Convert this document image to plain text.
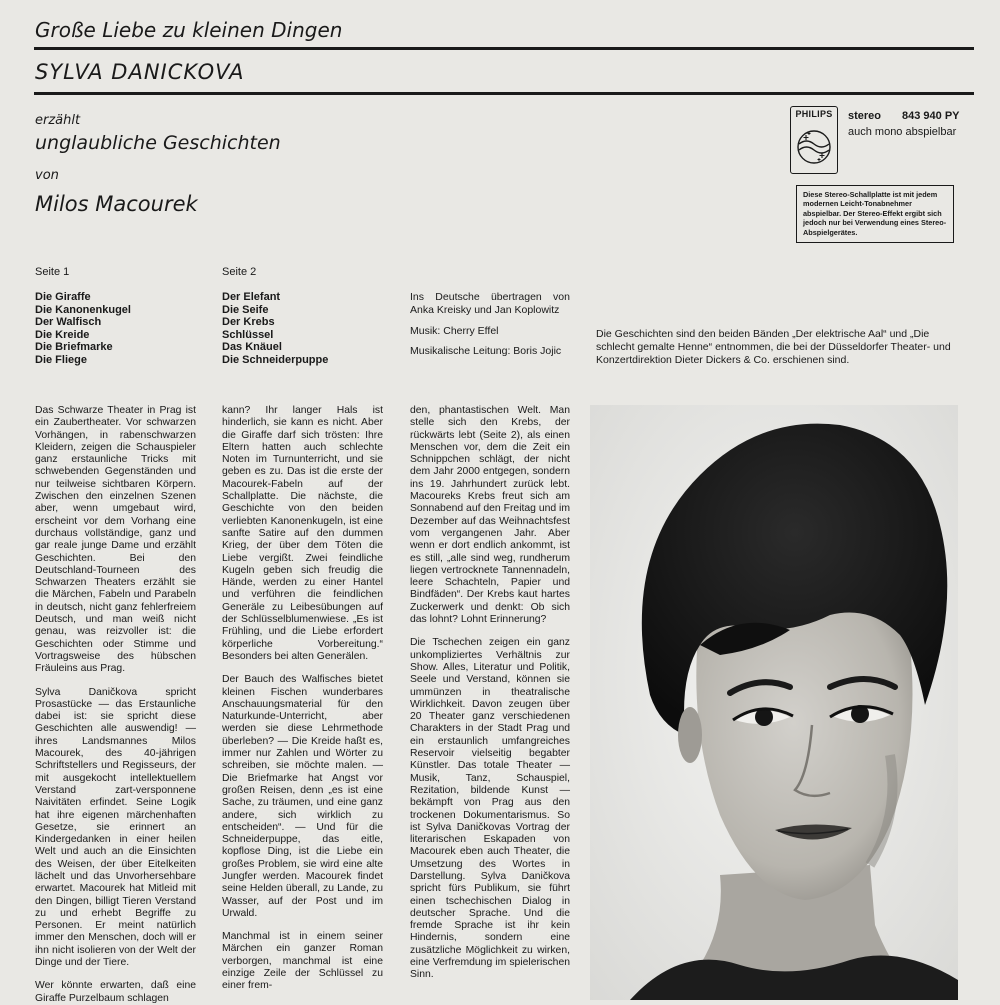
Große Liebe zu kleinen Dingen
SYLVA DANICKOVA
erzählt
unglaubliche Geschichten
von
Milos Macourek
PHILIPS	stereo 843 940 PY
auch mono abspielbar
Diese Stereo-Schallplatte ist mit jedem modernen Leicht-Tonabnehmer abspielbar. Der Stereo-Effekt ergibt sich jedoch nur bei Verwendung eines Stereo-Abspielgerätes.
Seite 1
Die Giraffe
Die Kanonenkugel
Der Walfisch
Die Kreide
Die Briefmarke
Die Fliege
Seite 2
Der Elefant
Die Seife
Der Krebs
Schlüssel
Das Knäuel
Die Schneiderpuppe

Ins Deutsche übertragen von Anka Kreisky und Jan Koplowitz

Musik: Cherry Effel

Musikalische Leitung: Boris Jojic

Die Geschichten sind den beiden Bänden „Der elektrische Aal“ und „Die schlecht gemalte Henne“ entnommen, die bei der Düsseldorfer Theater- und Konzertdirektion Dieter Dickers & Co. erschienen sind.

Das Schwarze Theater in Prag ist ein Zaubertheater. Vor schwarzen Vorhängen, in rabenschwarzen Kleidern, zeigen die Schauspieler ganz erstaunliche Tricks mit schwebenden Gegenständen und nur teilweise sichtbaren Körpern. Zwischen den einzelnen Szenen aber, wenn umgebaut wird, erscheint vor dem Vorhang eine durchaus vollständige, ganz und gar reale junge Dame und erzählt Geschichten. Bei den Deutschland-Tourneen des Schwarzen Theaters erzählt sie die Märchen, Fabeln und Parabeln in deutsch, nicht ganz fehlerfreiem Deutsch, und man weiß nicht genau, was reizvoller ist: die Geschichten oder Stimme und Vortragsweise des hübschen Fräuleins aus Prag.

Sylva Daničkova spricht Prosastücke — das Erstaunliche dabei ist: sie spricht diese Geschichten alle auswendig! — ihres Landsmannes Milos Macourek, des 40-jährigen Schriftstellers und Regisseurs, der mit ausgekocht intellektuellem Verstand zart-versponnene Naivitäten erfindet. Seine Logik hat ihre eigenen märchenhaften Gesetze, sie erinnert an Kindergedanken in einer heilen Welt und auch an die Einsichten des Weisen, der über Eitelkeiten lächelt und das Unvorhersehbare erwartet. Macourek hat Mitleid mit den Dingen, billigt Tieren Verstand zu und erhebt Begriffe zu Personen. Er meint natürlich immer den Menschen, doch will er ihn nicht isolieren von der Welt der Dinge und der Tiere.

Wer könnte erwarten, daß eine Giraffe Purzelbaum schlagen

kann? Ihr langer Hals ist hinderlich, sie kann es nicht. Aber die Giraffe darf sich trösten: Ihre Eltern hatten auch schlechte Noten im Turnunterricht, und sie geben es zu. Das ist die erste der Macourek-Fabeln auf der Schallplatte. Die nächste, die Geschichte von den beiden verliebten Kanonenkugeln, ist eine sanfte Satire auf den dummen Krieg, der über dem Töten die Liebe vergißt. Zwei feindliche Kugeln geben sich freudig die Hände, werden zu einer Hantel und verführen die feindlichen Generäle zu Leibesübungen auf der Schlüsselblumenwiese. „Es ist Frühling, und die Liebe erfordert körperliche Vorbereitung.“ Besonders bei alten Generälen.

Der Bauch des Walfisches bietet kleinen Fischen wunderbares Anschauungsmaterial für den Naturkunde-Unterricht, aber werden sie diese Lehrmethode überleben? — Die Kreide haßt es, immer nur Zahlen und Wörter zu schreiben, sie möchte malen. — Die Briefmarke hat Angst vor großen Reisen, denn „es ist eine Sache, zu träumen, und eine ganz andere, sich wirklich zu entscheiden“. — Und für die Schneiderpuppe, das eitle, kopflose Ding, ist die Liebe ein großes Problem, sie wird eine alte Jungfer werden. Macourek findet seine Helden überall, zu Lande, zu Wasser, auf der Post und im Urwald.

Manchmal ist in einem seiner Märchen ein ganzer Roman verborgen, manchmal ist eine einzige Zeile der Schlüssel zu einer frem-

den, phantastischen Welt. Man stelle sich den Krebs, der rückwärts lebt (Seite 2), als einen Menschen vor, dem die Zeit ein Schnippchen schlägt, der nicht dem Jahr 2000 entgegen, sondern ins 19. Jahrhundert zurück lebt. Macoureks Krebs freut sich am Sonnabend auf den Freitag und im Dezember auf das Weihnachtsfest vom vergangenen Jahr. Aber wenn er dort endlich ankommt, ist es still, „alle sind weg, rundherum liegen vertrocknete Tannennadeln, leere Schachteln, Papier und Bindfäden“. Der Krebs kaut hartes Zuckerwerk und denkt: Ob sich das lohnt? Lohnt Erinnerung?

Die Tschechen zeigen ein ganz unkompliziertes Verhältnis zur Show. Alles, Literatur und Politik, Seele und Verstand, können sie ummünzen in theatralische Wirklichkeit. Davon zeugen über 20 Theater ganz verschiedenen Charakters in der Stadt Prag und ein erstaunlich umfangreiches Reservoir vielseitig begabter Künstler. Das totale Theater — Musik, Tanz, Schauspiel, Rezitation, bildende Kunst — bekämpft von Prag aus den trockenen Dokumentarismus. So ist Sylva Daničkovas Vortrag der literarischen Eskapaden von Macourek eben auch Theater, die Umsetzung des Wortes in Darstellung. Sylva Daničkova spricht fürs Publikum, sie führt einen tschechischen Dialog in deutscher Sprache. Und die fremde Sprache ist ihr kein Hindernis, sondern eine zusätzliche Möglichkeit zu wirken, eine Verfremdung im spielerischen Sinn.
